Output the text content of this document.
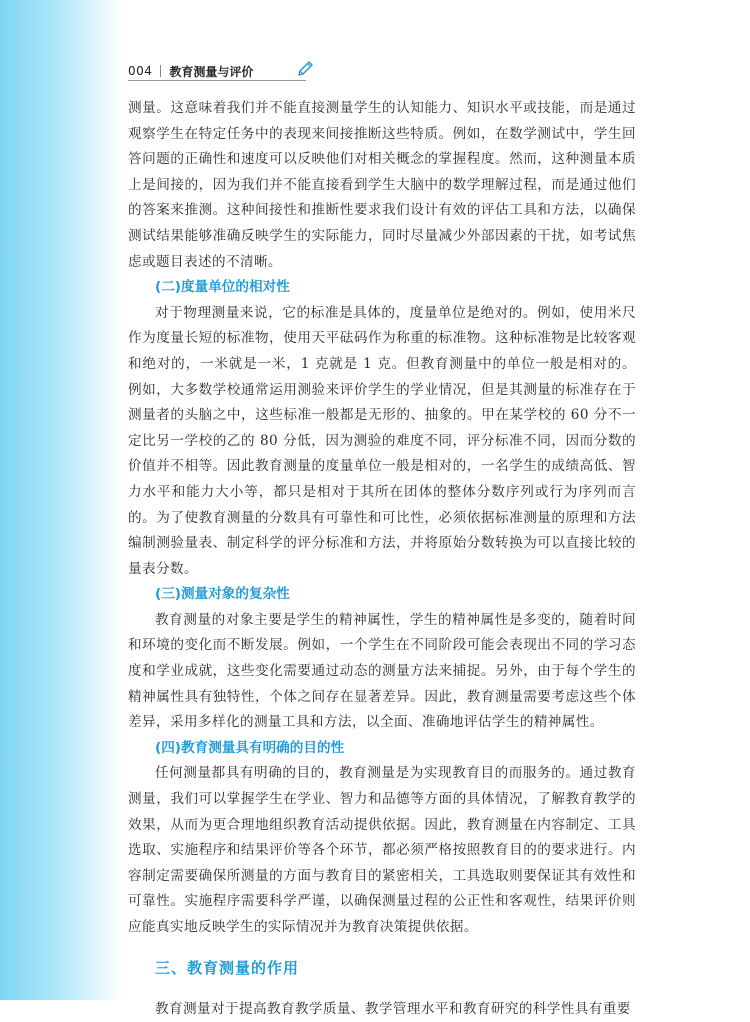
004 教育测量与评价

测量。这意味着我们并不能直接测量学生的认知能力、知识水平或技能，而是通过观察学生在特定任务中的表现来间接推断这些特质。例如，在数学测试中，学生回答问题的正确性和速度可以反映他们对相关概念的掌握程度。然而，这种测量本质上是间接的，因为我们并不能直接看到学生大脑中的数学理解过程，而是通过他们的答案来推测。这种间接性和推断性要求我们设计有效的评估工具和方法，以确保测试结果能够准确反映学生的实际能力，同时尽量减少外部因素的干扰，如考试焦虑或题目表述的不清晰。

(二)度量单位的相对性

对于物理测量来说，它的标准是具体的，度量单位是绝对的。例如，使用米尺作为度量长短的标准物，使用天平砝码作为称重的标准物。这种标准物是比较客观和绝对的，一米就是一米，1 克就是 1 克。但教育测量中的单位一般是相对的。例如，大多数学校通常运用测验来评价学生的学业情况，但是其测量的标准存在于测量者的头脑之中，这些标准一般都是无形的、抽象的。甲在某学校的 60 分不一定比另一学校的乙的 80 分低，因为测验的难度不同，评分标准不同，因而分数的价值并不相等。因此教育测量的度量单位一般是相对的，一名学生的成绩高低、智力水平和能力大小等，都只是相对于其所在团体的整体分数序列或行为序列而言的。为了使教育测量的分数具有可靠性和可比性，必须依据标准测量的原理和方法编制测验量表、制定科学的评分标准和方法，并将原始分数转换为可以直接比较的量表分数。

(三)测量对象的复杂性

教育测量的对象主要是学生的精神属性，学生的精神属性是多变的，随着时间和环境的变化而不断发展。例如，一个学生在不同阶段可能会表现出不同的学习态度和学业成就，这些变化需要通过动态的测量方法来捕捉。另外，由于每个学生的精神属性具有独特性，个体之间存在显著差异。因此，教育测量需要考虑这些个体差异，采用多样化的测量工具和方法，以全面、准确地评估学生的精神属性。

(四)教育测量具有明确的目的性

任何测量都具有明确的目的，教育测量是为实现教育目的而服务的。通过教育测量，我们可以掌握学生在学业、智力和品德等方面的具体情况，了解教育教学的效果，从而为更合理地组织教育活动提供依据。因此，教育测量在内容制定、工具选取、实施程序和结果评价等各个环节，都必须严格按照教育目的的要求进行。内容制定需要确保所测量的方面与教育目的紧密相关，工具选取则要保证其有效性和可靠性。实施程序需要科学严谨，以确保测量过程的公正性和客观性，结果评价则应能真实地反映学生的实际情况并为教育决策提供依据。

三、教育测量的作用

教育测量对于提高教育教学质量、教学管理水平和教育研究的科学性具有重要
